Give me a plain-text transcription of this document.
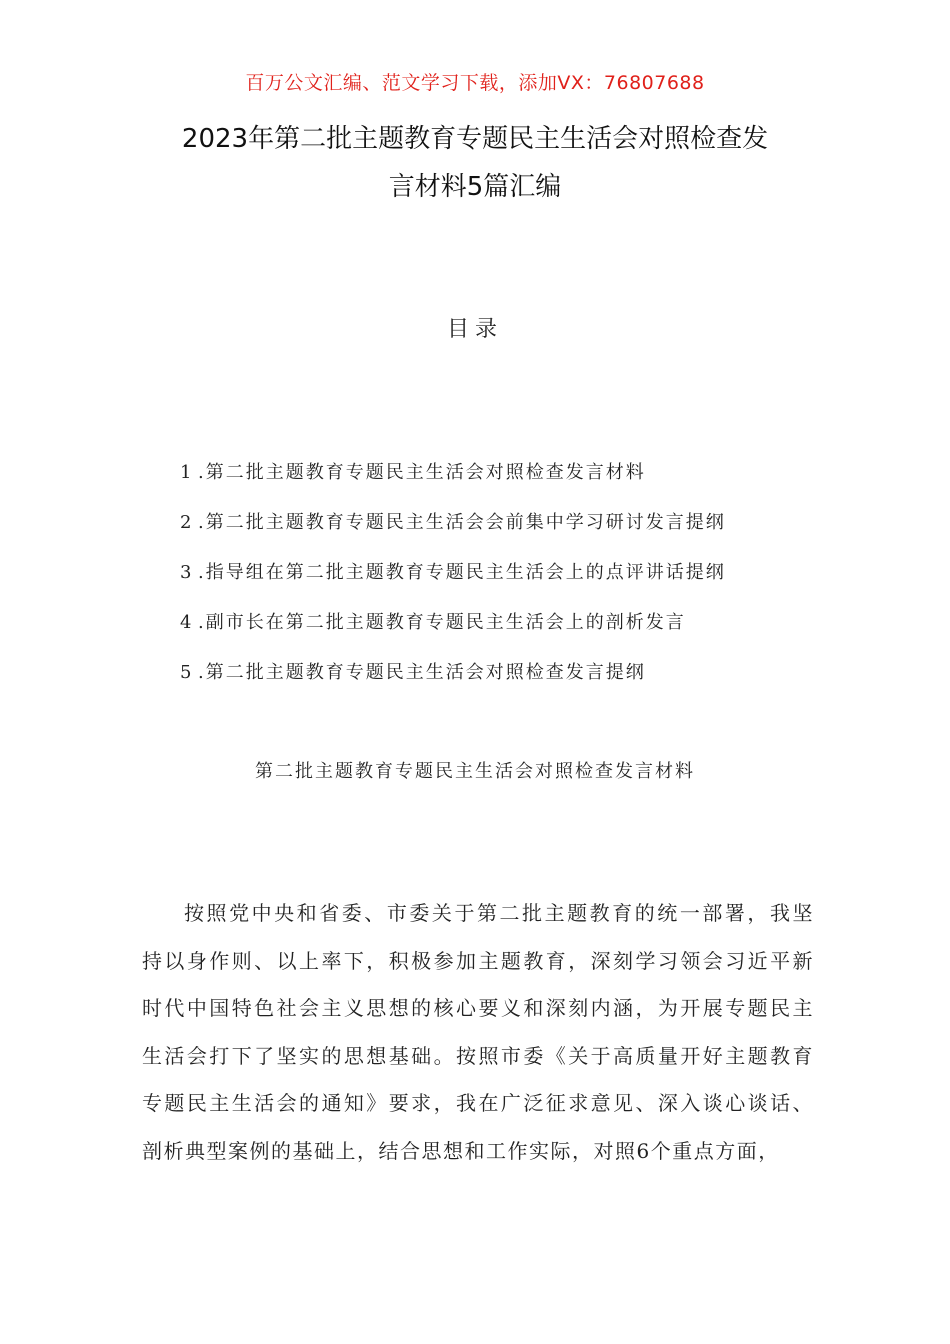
百万公文汇编、范文学习下载，添加VX：76807688
2023年第二批主题教育专题民主生活会对照检查发
言材料5篇汇编
目录
1 .第二批主题教育专题民主生活会对照检查发言材料
2 .第二批主题教育专题民主生活会会前集中学习研讨发言提纲
3 .指导组在第二批主题教育专题民主生活会上的点评讲话提纲
4 .副市长在第二批主题教育专题民主生活会上的剖析发言
5 .第二批主题教育专题民主生活会对照检查发言提纲
第二批主题教育专题民主生活会对照检查发言材料
按照党中央和省委、市委关于第二批主题教育的统一部署，我坚
持以身作则、以上率下，积极参加主题教育，深刻学习领会习近平新
时代中国特色社会主义思想的核心要义和深刻内涵，为开展专题民主
生活会打下了坚实的思想基础。按照市委《关于高质量开好主题教育
专题民主生活会的通知》要求，我在广泛征求意见、深入谈心谈话、
剖析典型案例的基础上，结合思想和工作实际，对照6个重点方面，
